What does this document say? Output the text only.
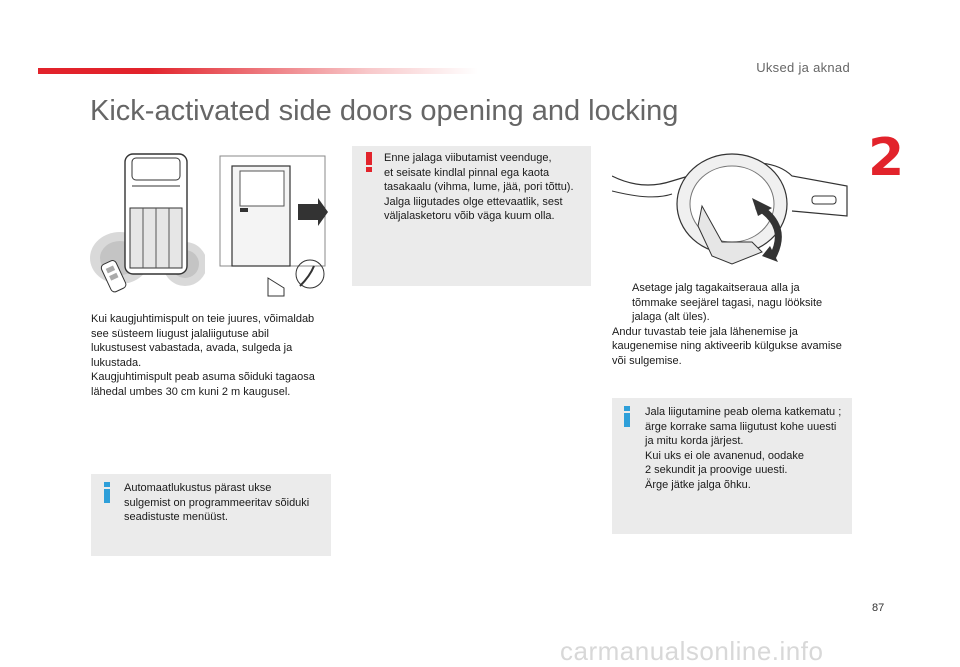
Uksed ja aknad
2
Kick-activated side doors opening and locking

Kui kaugjuhtimispult on teie juures, võimaldab
see süsteem liugust jalaliigutuse abil
lukustusest vabastada, avada, sulgeda ja
lukustada.
Kaugjuhtimispult peab asuma sõiduki tagaosa
lähedal umbes 30 cm kuni 2 m kaugusel.

Automaatlukustus pärast ukse
sulgemist on programmeeritav sõiduki
seadistuste menüüst.

Enne jalaga viibutamist veenduge,
et seisate kindlal pinnal ega kaota
tasakaalu (vihma, lume, jää, pori tõttu).
Jalga liigutades olge ettevaatlik, sest
väljalasketoru võib väga kuum olla.

Asetage jalg tagakaitseraua alla ja
tõmmake seejärel tagasi, nagu lööksite
jalaga (alt üles).

Andur tuvastab teie jala lähenemise ja
kaugenemise ning aktiveerib külgukse avamise
või sulgemise.

Jala liigutamine peab olema katkematu ;
ärge korrake sama liigutust kohe uuesti
ja mitu korda järjest.
Kui uks ei ole avanenud, oodake
2 sekundit ja proovige uuesti.
Ärge jätke jalga õhku.

87
carmanualsonline.info
